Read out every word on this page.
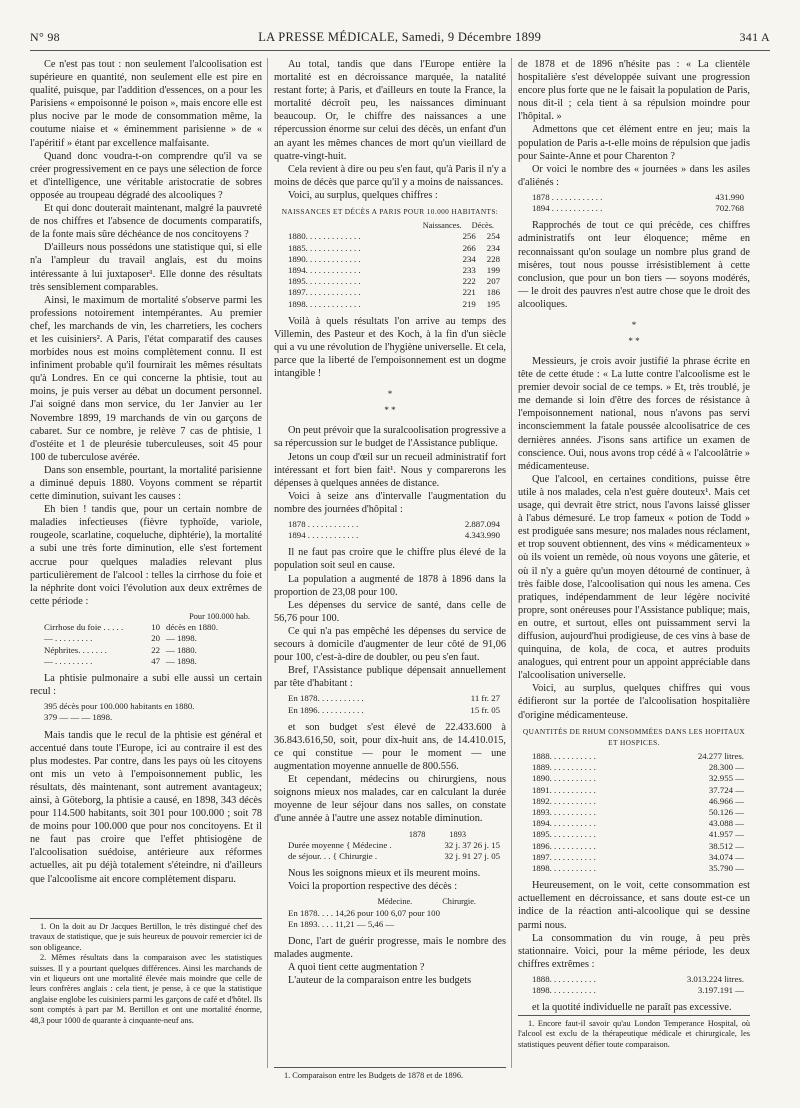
N° 98	LA PRESSE MÉDICALE, Samedi, 9 Décembre 1899	341 A

Ce n'est pas tout : non seulement l'alcoolisation est supérieure en quantité, non seulement elle est pire en qualité, puisque, par l'addition d'essences, on a pour les Parisiens « empoisonné le poison », mais encore elle est plus nocive par le mode de consommation même, la coutume niaise et « éminemment parisienne » de « l'apéritif » étant par excellence malfaisante.

Quand donc voudra-t-on comprendre qu'il va se créer progressivement en ce pays une sélection de force et d'intelligence, une véritable aristocratie de sobres opposée au troupeau dégradé des alcooliques ?

Et qui donc douterait maintenant, malgré la pauvreté de nos chiffres et l'absence de documents comparatifs, de la fonte mais sûre déchéance de nos concitoyens ?

D'ailleurs nous possédons une statistique qui, si elle n'a l'ampleur du travail anglais, est du moins intéressante à lui juxtaposer¹. Elle donne des résultats très sensiblement comparables.

Ainsi, le maximum de mortalité s'observe parmi les professions notoirement intempérantes. Au premier chef, les marchands de vin, les charretiers, les cochers et les cuisiniers². A Paris, l'état comparatif des causes morbides nous est moins complètement connu. Il est infiniment probable qu'il fournirait les mêmes résultats qu'à Londres. En ce qui concerne la phtisie, tout au moins, je puis verser au débat un document personnel. J'ai soigné dans mon service, du 1er Janvier au 1er Novembre 1899, 19 marchands de vin ou garçons de cabaret. Sur ce nombre, je relève 7 cas de phtisie, 1 d'ostéite et 1 de pleurésie tuberculeuses, soit 45 pour 100 de tuberculose avérée.

Dans son ensemble, pourtant, la mortalité parisienne a diminué depuis 1880. Voyons comment se répartit cette diminution, suivant les causes :

Eh bien ! tandis que, pour un certain nombre de maladies infectieuses (fièvre typhoïde, variole, rougeole, scarlatine, coqueluche, diphtérie), la mortalité a subi une très forte diminution, elle s'est fortement accrue pour quelques maladies relevant plus particulièrement de l'alcool : telles la cirrhose du foie et la néphrite dont voici l'évolution aux deux extrêmes de cette période :

Pour 100.000 hab.
Cirrhose du foie . . . . .	10 décès en 1880.
— . . . . . . . . .	20 — 1898.
Néphrites. . . . . . .	22 — 1880.
— . . . . . . . . .	47 — 1898.

La phtisie pulmonaire a subi elle aussi un certain recul :

395 décès pour 100.000 habitants en 1880.
379 — — — 1898.

Mais tandis que le recul de la phtisie est général et accentué dans toute l'Europe, ici au contraire il est des plus modestes. Par contre, dans les pays où les citoyens ont mis un veto à l'empoisonnement public, les résultats, dès maintenant, sont autrement avantageux; ainsi, à Göteborg, la phtisie a causé, en 1898, 343 décès pour 114.500 habitants, soit 301 pour 100.000 ; soit 78 de moins pour 100.000 que pour nos concitoyens. Et il ne faut pas croire que l'effet phtisiogène de l'alcoolisation suédoise, antérieure aux réformes actuelles, ait pu déjà totalement s'éteindre, ni d'ailleurs que l'alcoolisme ait encore complètement disparu.

1. On la doit au Dr Jacques Bertillon, le très distingué chef des travaux de statistique, que je suis heureux de pouvoir remercier ici de son obligeance.

2. Mêmes résultats dans la comparaison avec les statistiques suisses. Il y a pourtant quelques différences. Ainsi les marchands de vin et liqueurs ont une mortalité élevée mais moindre que celle de leurs confrères anglais : cela tient, je pense, à ce que la statistique anglaise englobe les cuisiniers parmi les garçons de café et d'hôtel. Ils sont comptés à part par M. Bertillon et ont une mortalité énorme, 48,3 pour 1000 de quarante à cinquante-neuf ans.

Au total, tandis que dans l'Europe entière la mortalité est en décroissance marquée, la natalité restant forte; à Paris, et d'ailleurs en toute la France, la mortalité décroît peu, les naissances diminuant beaucoup. Or, le chiffre des naissances a une répercussion énorme sur celui des décès, un enfant d'un an ayant les mêmes chances de mort qu'un vieillard de quatre-vingt-huit.

Cela revient à dire ou peu s'en faut, qu'à Paris il n'y a moins de décès que parce qu'il y a moins de naissances.

Voici, au surplus, quelques chiffres :

NAISSANCES ET DÉCÈS A PARIS POUR 10.000 HABITANTS:
Naissances. Décès.
1880. . . . . . . . . . . . .	256 254
1885. . . . . . . . . . . . .	266 234
1890. . . . . . . . . . . . .	234 228
1894. . . . . . . . . . . . .	233 199
1895. . . . . . . . . . . . .	222 207
1897. . . . . . . . . . . . .	221 186
1898. . . . . . . . . . . . .	219 195

Voilà à quels résultats l'on arrive au temps des Villemin, des Pasteur et des Koch, à la fin d'un siècle qui a vu une révolution de l'hygiène universelle. Et cela, parce que la liberté de l'empoisonnement est un dogme intangible !

*
* *

On peut prévoir que la suralcoolisation progressive a sa répercussion sur le budget de l'Assistance publique.

Jetons un coup d'œil sur un recueil administratif fort intéressant et fort bien fait¹. Nous y comparerons les dépenses à quelques années de distance.

Voici à seize ans d'intervalle l'augmentation du nombre des journées d'hôpital :

1878 . . . . . . . . . . . .	2.887.094
1894 . . . . . . . . . . . .	4.343.990

Il ne faut pas croire que le chiffre plus élevé de la population soit seul en cause.

La population a augmenté de 1878 à 1896 dans la proportion de 23,08 pour 100.

Les dépenses du service de santé, dans celle de 56,76 pour 100.

Ce qui n'a pas empêché les dépenses du service de secours à domicile d'augmenter de leur côté de 91,06 pour 100, c'est-à-dire de doubler, ou peu s'en faut.

Bref, l'Assistance publique dépensait annuellement par tête d'habitant :

En 1878. . . . . . . . . . .	11 fr. 27
En 1896. . . . . . . . . . .	15 fr. 05

et son budget s'est élevé de 22.433.600 à 36.843.616,50, soit, pour dix-huit ans, de 14.410.015, ce qui constitue — pour le moment — une augmentation moyenne annuelle de 800.556.

Et cependant, médecins ou chirurgiens, nous soignons mieux nos malades, car en calculant la durée moyenne de leur séjour dans nos salles, on constate d'une année à l'autre une assez notable diminution.

1878	1893
Durée moyenne { Médecine .	32 j. 37 26 j. 15
de séjour. . . { Chirurgie .	32 j. 91 27 j. 05

Nous les soignons mieux et ils meurent moins.

Voici la proportion respective des décès :

Médecine.	Chirurgie.
En 1878. . . . 14,26 pour 100 6,07 pour 100
En 1893. . . . 11,21 — 5,46 —

Donc, l'art de guérir progresse, mais le nombre des malades augmente.

A quoi tient cette augmentation ?

L'auteur de la comparaison entre les budgets

1. Comparaison entre les Budgets de 1878 et de 1896.

de 1878 et de 1896 n'hésite pas : « La clientèle hospitalière s'est développée suivant une progression encore plus forte que ne le faisait la population de Paris, nous dit-il ; cela tient à sa répulsion moindre pour l'hôpital. »

Admettons que cet élément entre en jeu; mais la population de Paris a-t-elle moins de répulsion que jadis pour Sainte-Anne et pour Charenton ?

Or voici le nombre des « journées » dans les asiles d'aliénés :

1878 . . . . . . . . . . . .	431.990
1894 . . . . . . . . . . . .	702.768

Rapprochés de tout ce qui précède, ces chiffres administratifs ont leur éloquence; même en reconnaissant qu'on soulage un nombre plus grand de misères, tout nous pousse irrésistiblement à cette conclusion, que pour un bon tiers — soyons modérés, — le droit des pauvres n'est autre chose que le droit des alcooliques.

*
* *

Messieurs, je crois avoir justifié la phrase écrite en tête de cette étude : « La lutte contre l'alcoolisme est le premier devoir social de ce temps. » Et, très troublé, je me demande si loin d'être des forces de résistance à l'empoisonnement national, nous n'avons pas servi inconsciemment la fatale poussée alcoolisatrice de ces dernières années. J'isons sans artifice un examen de conscience. Oui, nous avons trop cédé à « l'alcoolâtrie » médicamenteuse.

Que l'alcool, en certaines conditions, puisse être utile à nos malades, cela n'est guère douteux¹. Mais cet usage, qui devrait être strict, nous l'avons laissé glisser à l'abus démesuré. Le trop fameux « potion de Todd » est prodiguée sans mesure; nos malades nous réclament, et trop souvent obtiennent, des vins « médicamenteux » où ils voient un remède, où nous voyons une gâterie, et où il n'y a guère qu'un moyen détourné de continuer, à très faible dose, l'alcoolisation qui nous les amena. Ces pratiques, indépendamment de leur légère nocivité propre, sont onéreuses pour l'Assistance publique; mais, en outre, et surtout, elles ont puissamment servi la diffusion, aujourd'hui prodigieuse, de ces vins à base de quinquina, de kola, de coca, et autres produits analogues, qui entrent pour un appoint appréciable dans l'alcoolisation universelle.

Voici, au surplus, quelques chiffres qui vous édifieront sur la portée de l'alcoolisation hospitalière d'origine médicamenteuse.

QUANTITÉS DE RHUM CONSOMMÉES DANS LES HOPITAUX ET HOSPICES.
1888. . . . . . . . . . .	24.277 litres.
1889. . . . . . . . . . .	28.300 —
1890. . . . . . . . . . .	32.955 —
1891. . . . . . . . . . .	37.724 —
1892. . . . . . . . . . .	46.966 —
1893. . . . . . . . . . .	50.126 —
1894. . . . . . . . . . .	43.088 —
1895. . . . . . . . . . .	41.957 —
1896. . . . . . . . . . .	38.512 —
1897. . . . . . . . . . .	34.074 —
1898. . . . . . . . . . .	35.790 —

Heureusement, on le voit, cette consommation est actuellement en décroissance, et sans doute est-ce un indice de la réaction anti-alcoolique qui se dessine parmi nous.

La consommation du vin rouge, à peu près stationnaire. Voici, pour la même période, les deux chiffres extrêmes :

1888. . . . . . . . . . .	3.013.224 litres.
1898. . . . . . . . . . .	3.197.191 —

et la quotité individuelle ne paraît pas excessive.

1. Encore faut-il savoir qu'au London Temperance Hospital, où l'alcool est exclu de la thérapeutique médicale et chirurgicale, les statistiques peuvent défier toute comparaison.
